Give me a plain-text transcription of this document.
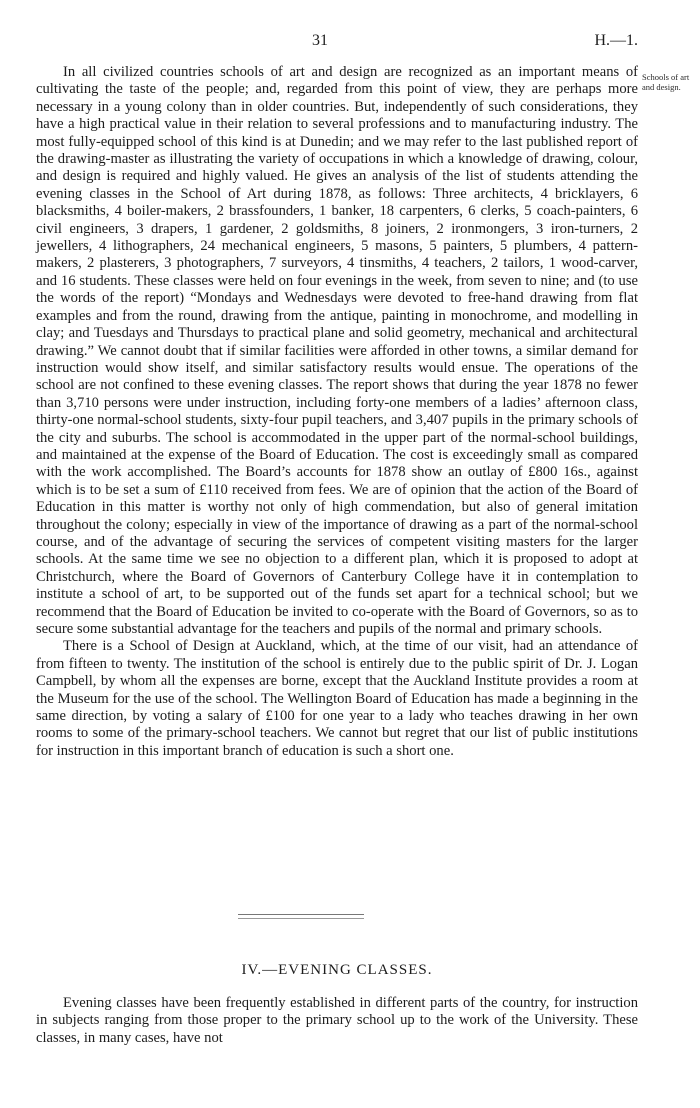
31	H.—1.
Schools of art and design.

In all civilized countries schools of art and design are recognized as an important means of cultivating the taste of the people; and, regarded from this point of view, they are perhaps more necessary in a young colony than in older countries. But, independently of such considerations, they have a high practical value in their relation to several professions and to manufacturing industry. The most fully-equipped school of this kind is at Dunedin; and we may refer to the last published report of the drawing-master as illustrating the variety of occupations in which a knowledge of drawing, colour, and design is required and highly valued. He gives an analysis of the list of students attending the evening classes in the School of Art during 1878, as follows: Three architects, 4 bricklayers, 6 blacksmiths, 4 boiler-makers, 2 brassfounders, 1 banker, 18 carpenters, 6 clerks, 5 coach-painters, 6 civil engineers, 3 drapers, 1 gardener, 2 goldsmiths, 8 joiners, 2 ironmongers, 3 iron-turners, 2 jewellers, 4 lithographers, 24 mechanical engineers, 5 masons, 5 painters, 5 plumbers, 4 pattern-makers, 2 plasterers, 3 photographers, 7 surveyors, 4 tinsmiths, 4 teachers, 2 tailors, 1 wood-carver, and 16 students. These classes were held on four evenings in the week, from seven to nine; and (to use the words of the report) “Mondays and Wednesdays were devoted to free-hand drawing from flat examples and from the round, drawing from the antique, painting in monochrome, and modelling in clay; and Tuesdays and Thursdays to practical plane and solid geometry, mechanical and architectural drawing.” We cannot doubt that if similar facilities were afforded in other towns, a similar demand for instruction would show itself, and similar satisfactory results would ensue. The operations of the school are not confined to these evening classes. The report shows that during the year 1878 no fewer than 3,710 persons were under instruction, including forty-one members of a ladies’ afternoon class, thirty-one normal-school students, sixty-four pupil teachers, and 3,407 pupils in the primary schools of the city and suburbs. The school is accommodated in the upper part of the normal-school buildings, and maintained at the expense of the Board of Education. The cost is exceedingly small as compared with the work accomplished. The Board’s accounts for 1878 show an outlay of £800 16s., against which is to be set a sum of £110 received from fees. We are of opinion that the action of the Board of Education in this matter is worthy not only of high commendation, but also of general imitation throughout the colony; especially in view of the importance of drawing as a part of the normal-school course, and of the advantage of securing the services of competent visiting masters for the larger schools. At the same time we see no objection to a different plan, which it is proposed to adopt at Christchurch, where the Board of Governors of Canterbury College have it in contemplation to institute a school of art, to be supported out of the funds set apart for a technical school; but we recommend that the Board of Education be invited to co-operate with the Board of Governors, so as to secure some substantial advantage for the teachers and pupils of the normal and primary schools.

There is a School of Design at Auckland, which, at the time of our visit, had an attendance of from fifteen to twenty. The institution of the school is entirely due to the public spirit of Dr. J. Logan Campbell, by whom all the expenses are borne, except that the Auckland Institute provides a room at the Museum for the use of the school. The Wellington Board of Education has made a beginning in the same direction, by voting a salary of £100 for one year to a lady who teaches drawing in her own rooms to some of the primary-school teachers. We cannot but regret that our list of public institutions for instruction in this important branch of education is such a short one.

IV.—EVENING CLASSES.

Evening classes have been frequently established in different parts of the country, for instruction in subjects ranging from those proper to the primary school up to the work of the University. These classes, in many cases, have not
